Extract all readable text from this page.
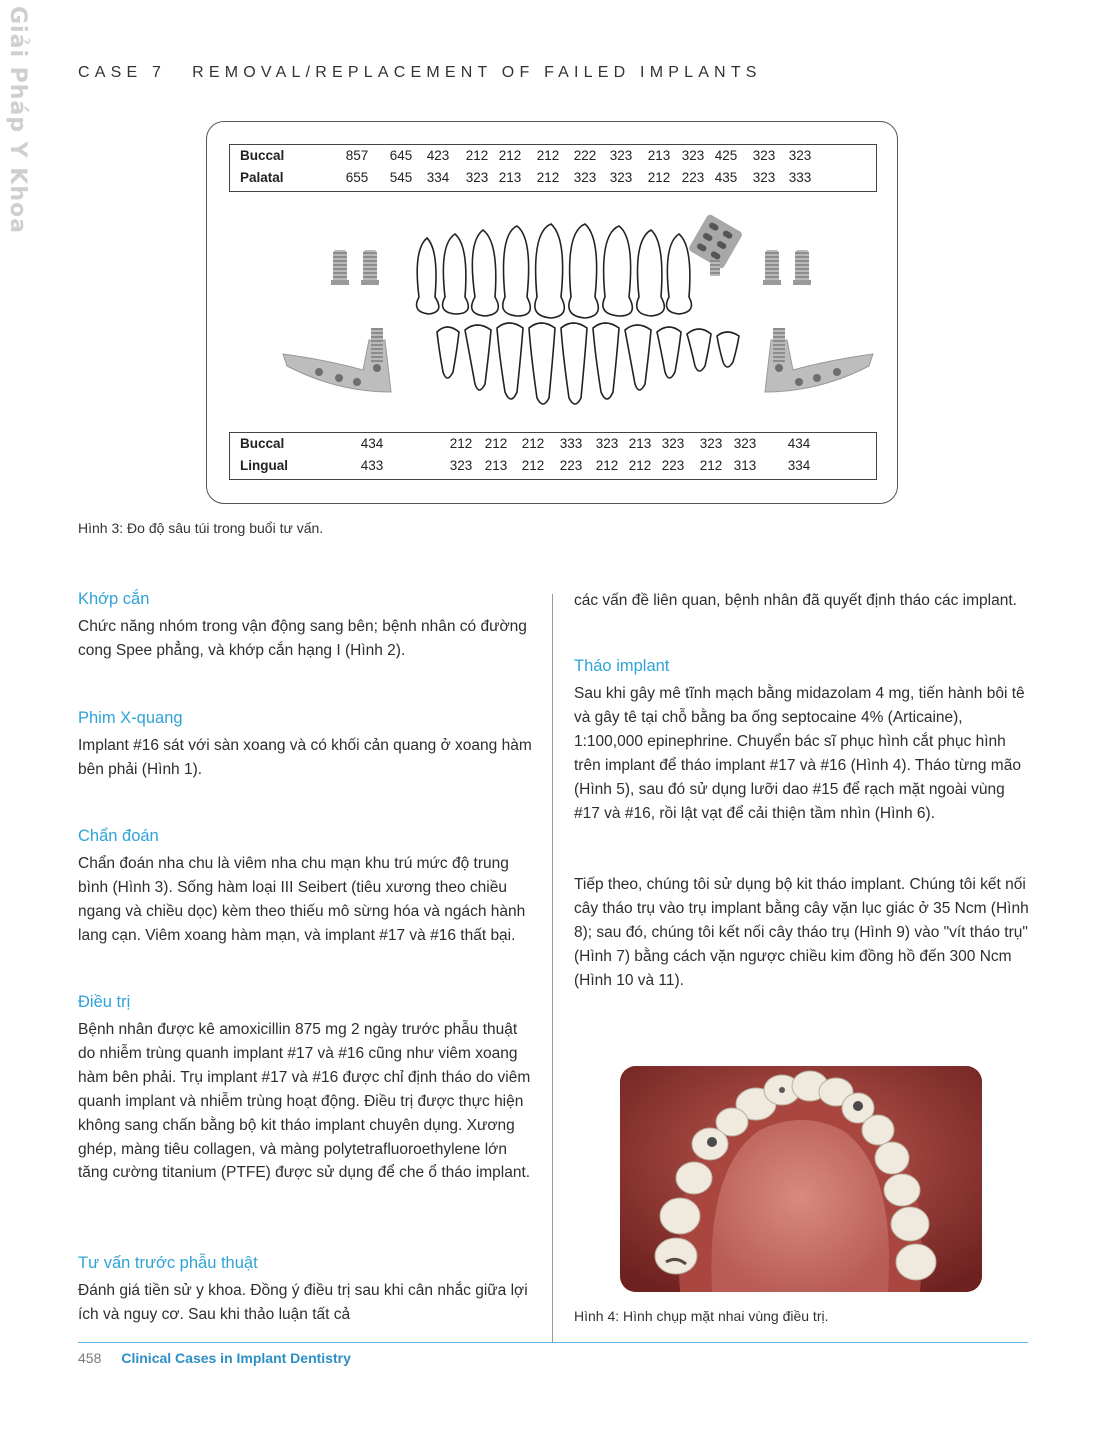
Giải Pháp Y Khoa	CASE 7 REMOVAL/REPLACEMENT OF FAILED IMPLANTS
Buccal	857	645	423	212 212	212	222 323	213 323 425	323 323
Palatal	655	545	334	323 213	212	323 323	212 223 435	323 333
Buccal	434	212 212	212	333 323 213 323	323 323	434
Lingual	433	323 213	212	223 212 212 223	212 313	334
Hình 3: Đo độ sâu túi trong buổi tư vấn.
Khớp cắn

Chức năng nhóm trong vận động sang bên; bệnh nhân có đường cong Spee phẳng, và khớp cắn hạng I (Hình 2).

Phim X-quang

Implant #16 sát với sàn xoang và có khối cản quang ở xoang hàm bên phải (Hình 1).

Chẩn đoán

Chẩn đoán nha chu là viêm nha chu mạn khu trú mức độ trung bình (Hình 3). Sống hàm loại III Seibert (tiêu xương theo chiều ngang và chiều dọc) kèm theo thiếu mô sừng hóa và ngách hành lang cạn. Viêm xoang hàm mạn, và implant #17 và #16 thất bại.

Điều trị

Bệnh nhân được kê amoxicillin 875 mg 2 ngày trước phẫu thuật do nhiễm trùng quanh implant #17 và #16 cũng như viêm xoang hàm bên phải. Trụ implant #17 và #16 được chỉ định tháo do viêm quanh implant và nhiễm trùng hoạt động. Điều trị được thực hiện không sang chấn bằng bộ kit tháo implant chuyên dụng. Xương ghép, màng tiêu collagen, và màng polytetrafluoroethylene lớn tăng cường titanium (PTFE) được sử dụng để che ổ tháo implant.

Tư vấn trước phẫu thuật

Đánh giá tiền sử y khoa. Đồng ý điều trị sau khi cân nhắc giữa lợi ích và nguy cơ. Sau khi thảo luận tất cả

các vấn đề liên quan, bệnh nhân đã quyết định tháo các implant.

Tháo implant

Sau khi gây mê tĩnh mạch bằng midazolam 4 mg, tiến hành bôi tê và gây tê tại chỗ bằng ba ống septocaine 4% (Articaine), 1:100,000 epinephrine. Chuyển bác sĩ phục hình cắt phục hình trên implant để tháo implant #17 và #16 (Hình 4). Tháo từng mão (Hình 5), sau đó sử dụng lưỡi dao #15 để rạch mặt ngoài vùng #17 và #16, rồi lật vạt để cải thiện tầm nhìn (Hình 6).

Tiếp theo, chúng tôi sử dụng bộ kit tháo implant. Chúng tôi kết nối cây tháo trụ vào trụ implant bằng cây vặn lục giác ở 35 Ncm (Hình 8); sau đó, chúng tôi kết nối cây tháo trụ (Hình 9) vào "vít tháo trụ" (Hình 7) bằng cách vặn ngược chiều kim đồng hồ đến 300 Ncm (Hình 10 và 11).

Hình 4: Hình chụp mặt nhai vùng điều trị.
458 Clinical Cases in Implant Dentistry
